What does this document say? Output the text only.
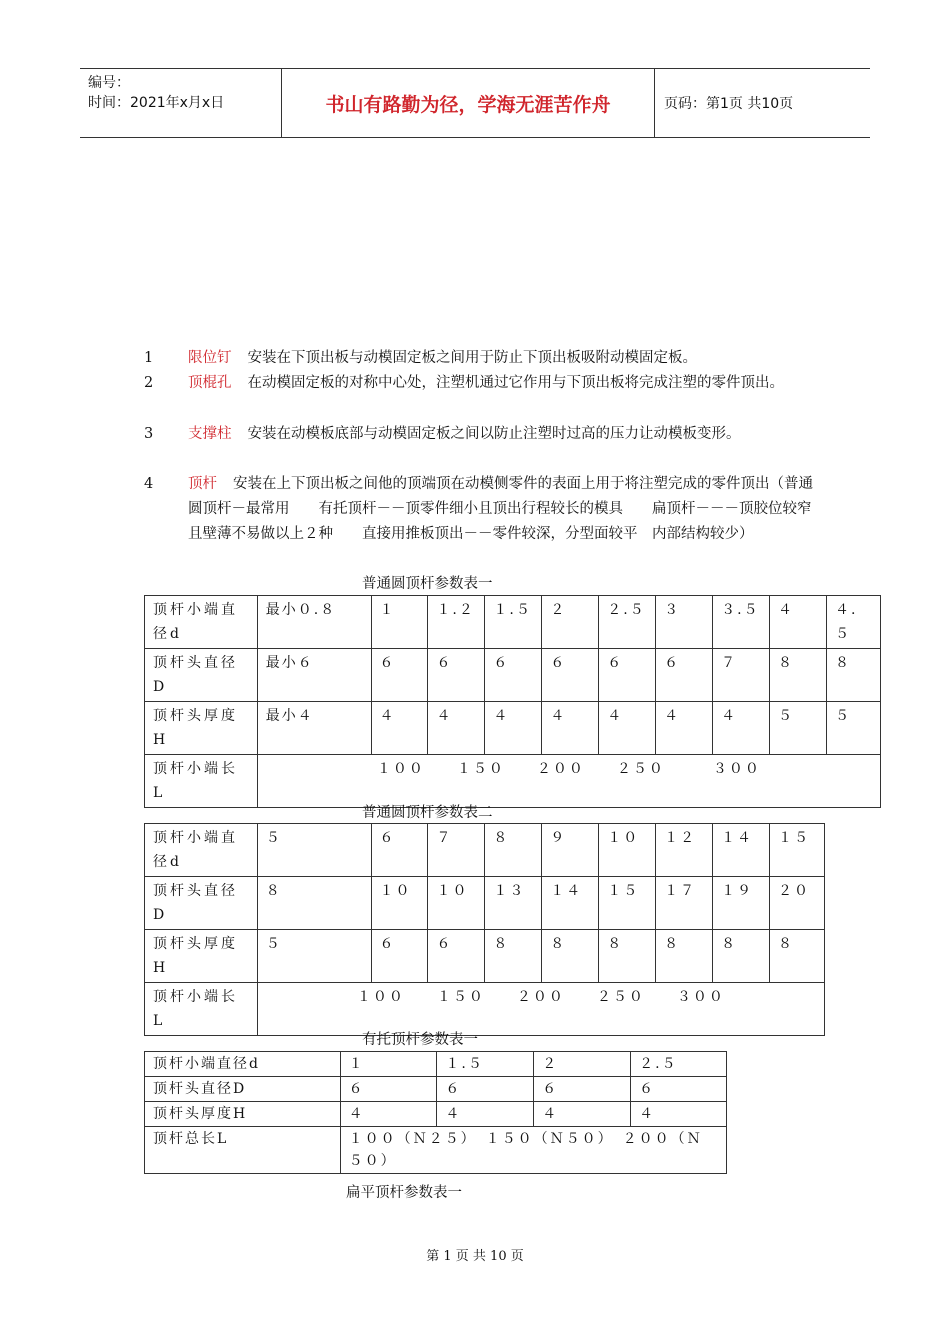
编号：
时间：2021年x月x日	书山有路勤为径，学海无涯苦作舟	页码：第1页 共10页
1 限位钉 安装在下顶出板与动模固定板之间用于防止下顶出板吸附动模固定板。
2 顶棍孔 在动模固定板的对称中心处，注塑机通过它作用与下顶出板将完成注塑的零件顶出。
3 支撑柱 安装在动模板底部与动模固定板之间以防止注塑时过高的压力让动模板变形。
4 顶杆 安装在上下顶出板之间他的顶端顶在动模侧零件的表面上用于将注塑完成的零件顶出（普通圆顶杆－最常用　　有托顶杆－－顶零件细小且顶出行程较长的模具　　扁顶杆－－－顶胶位较窄且壁薄不易做以上２种　　直接用推板顶出－－零件较深，分型面较平　内部结构较少）
普通圆顶杆参数表一
顶杆小端直径d	最小０.８	１	１.２	１.５	２	２.５	３	３.５	４	４.５
顶杆头直径D	最小６	６	６	６	６	６	６	７	８	８
顶杆头厚度H	最小４	４	４	４	４	４	４	４	５	５
顶杆小端长L	１００　　１５０　　２００　　２５０　　　３００									
普通圆顶杆参数表二
顶杆小端直径d	５	６	７	８	９	１０	１２	１４	１５
顶杆头直径D	８	１０	１０	１３	１４	１５	１７	１９	２０
顶杆头厚度H	５	６	６	８	８	８	８	８	８
顶杆小端长L	１００　　１５０　　２００　　２５０　　３００								
有托顶杆参数表一
顶杆小端直径d	１	１.５	２	２.５
顶杆头直径D	６	６	６	６
顶杆头厚度H	４	４	４	４
顶杆总长L	１００（Ｎ２５）　１５０（Ｎ５０）　２００（Ｎ５０）			
扁平顶杆参数表一
第 1 页 共 10 页
